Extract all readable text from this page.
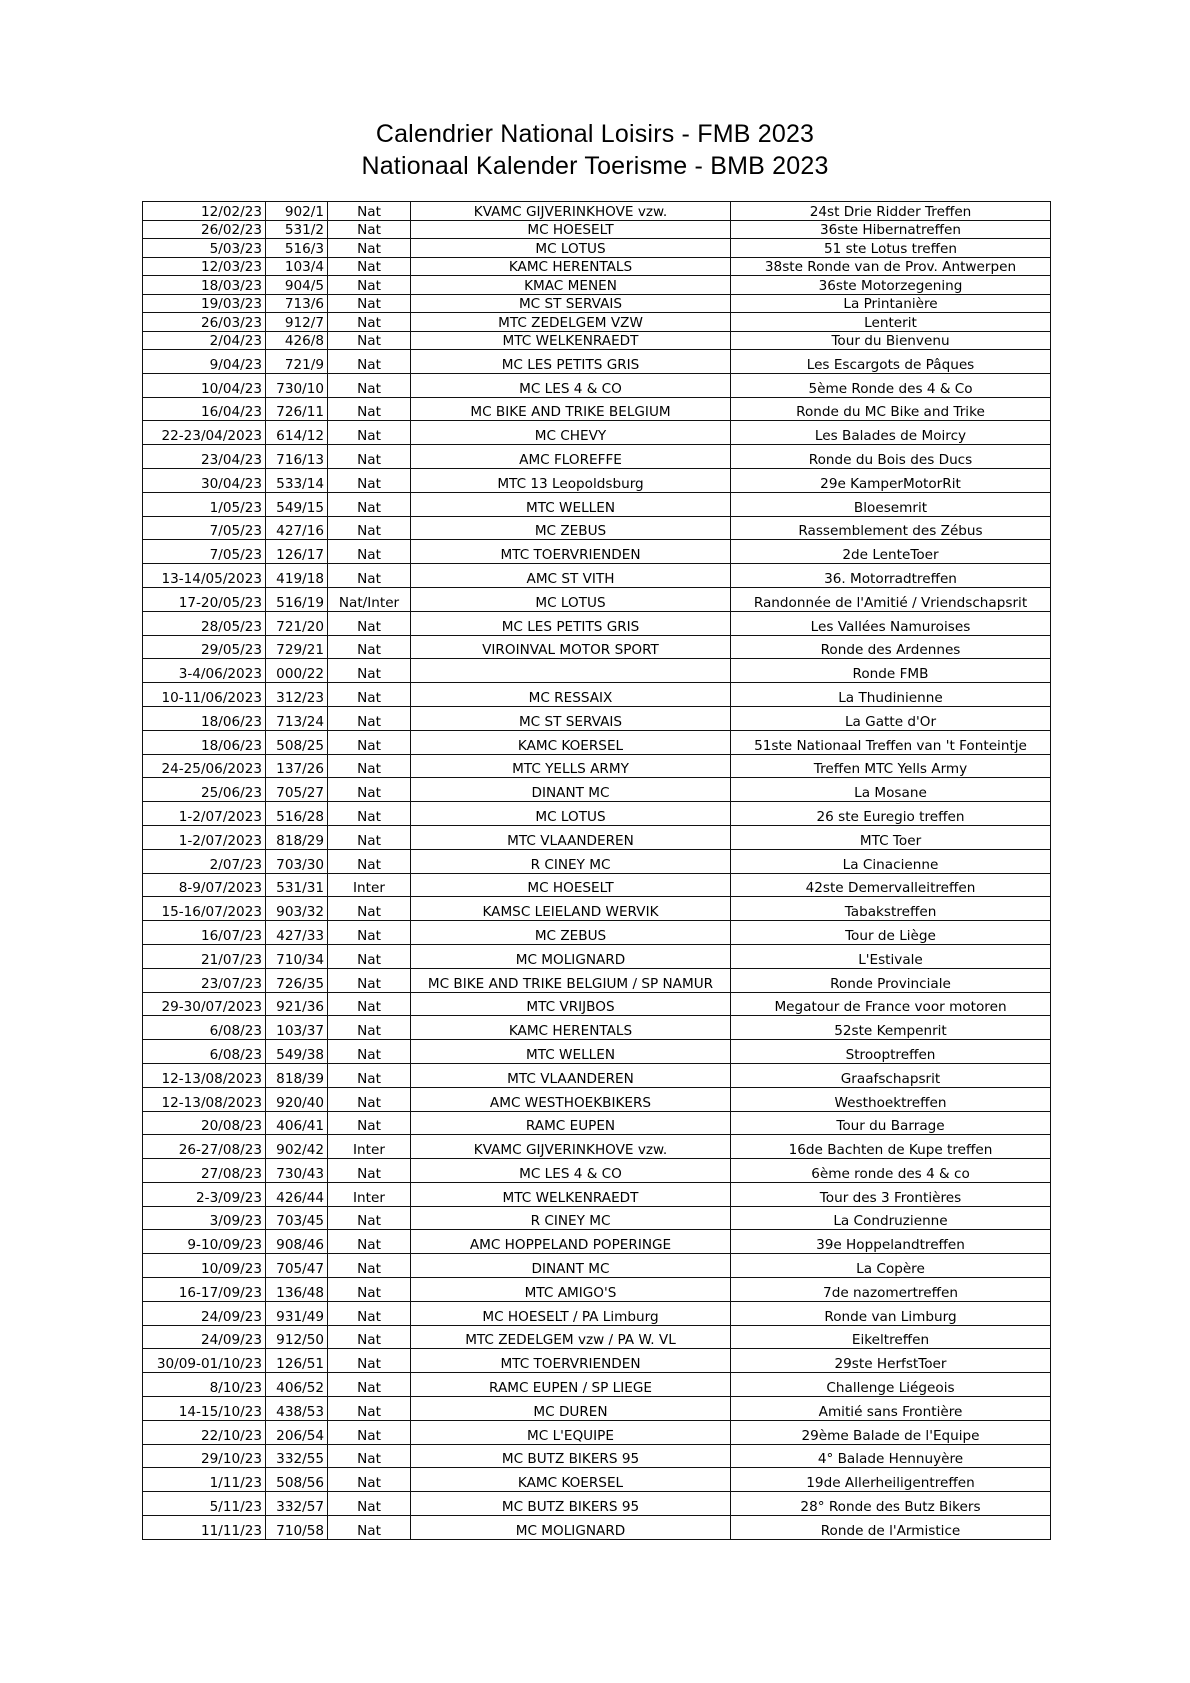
Calendrier National Loisirs - FMB 2023
Nationaal Kalender Toerisme - BMB 2023
12/02/23	902/1	Nat	KVAMC GIJVERINKHOVE vzw.	24st Drie Ridder Treffen
26/02/23	531/2	Nat	MC HOESELT	36ste Hibernatreffen
5/03/23	516/3	Nat	MC LOTUS	51 ste Lotus treffen
12/03/23	103/4	Nat	KAMC HERENTALS	38ste Ronde van de Prov. Antwerpen
18/03/23	904/5	Nat	KMAC MENEN	36ste Motorzegening
19/03/23	713/6	Nat	MC ST SERVAIS	La Printanière
26/03/23	912/7	Nat	MTC ZEDELGEM VZW	Lenterit
2/04/23	426/8	Nat	MTC WELKENRAEDT	Tour du Bienvenu
9/04/23	721/9	Nat	MC LES PETITS GRIS	Les Escargots de Pâques
10/04/23	730/10	Nat	MC LES 4 & CO	5ème Ronde des 4 & Co
16/04/23	726/11	Nat	MC BIKE AND TRIKE BELGIUM	Ronde du MC Bike and Trike
22-23/04/2023	614/12	Nat	MC CHEVY	Les Balades de Moircy
23/04/23	716/13	Nat	AMC FLOREFFE	Ronde du Bois des Ducs
30/04/23	533/14	Nat	MTC 13 Leopoldsburg	29e KamperMotorRit
1/05/23	549/15	Nat	MTC WELLEN	Bloesemrit
7/05/23	427/16	Nat	MC ZEBUS	Rassemblement des Zébus
7/05/23	126/17	Nat	MTC TOERVRIENDEN	2de LenteToer
13-14/05/2023	419/18	Nat	AMC ST VITH	36. Motorradtreffen
17-20/05/23	516/19	Nat/Inter	MC LOTUS	Randonnée de l'Amitié / Vriendschapsrit
28/05/23	721/20	Nat	MC LES PETITS GRIS	Les Vallées Namuroises
29/05/23	729/21	Nat	VIROINVAL MOTOR SPORT	Ronde des Ardennes
3-4/06/2023	000/22	Nat		Ronde FMB
10-11/06/2023	312/23	Nat	MC RESSAIX	La Thudinienne
18/06/23	713/24	Nat	MC ST SERVAIS	La Gatte d'Or
18/06/23	508/25	Nat	KAMC KOERSEL	51ste Nationaal Treffen van 't Fonteintje
24-25/06/2023	137/26	Nat	MTC YELLS ARMY	Treffen MTC Yells Army
25/06/23	705/27	Nat	DINANT MC	La Mosane
1-2/07/2023	516/28	Nat	MC LOTUS	26 ste Euregio treffen
1-2/07/2023	818/29	Nat	MTC VLAANDEREN	MTC Toer
2/07/23	703/30	Nat	R CINEY MC	La Cinacienne
8-9/07/2023	531/31	Inter	MC HOESELT	42ste Demervalleitreffen
15-16/07/2023	903/32	Nat	KAMSC LEIELAND WERVIK	Tabakstreffen
16/07/23	427/33	Nat	MC ZEBUS	Tour de Liège
21/07/23	710/34	Nat	MC MOLIGNARD	L'Estivale
23/07/23	726/35	Nat	MC BIKE AND TRIKE BELGIUM / SP NAMUR	Ronde Provinciale
29-30/07/2023	921/36	Nat	MTC VRIJBOS	Megatour de France voor motoren
6/08/23	103/37	Nat	KAMC HERENTALS	52ste Kempenrit
6/08/23	549/38	Nat	MTC WELLEN	Strooptreffen
12-13/08/2023	818/39	Nat	MTC VLAANDEREN	Graafschapsrit
12-13/08/2023	920/40	Nat	AMC WESTHOEKBIKERS	Westhoektreffen
20/08/23	406/41	Nat	RAMC EUPEN	Tour du Barrage
26-27/08/23	902/42	Inter	KVAMC GIJVERINKHOVE vzw.	16de Bachten de Kupe treffen
27/08/23	730/43	Nat	MC LES 4 & CO	6ème ronde des 4 & co
2-3/09/23	426/44	Inter	MTC WELKENRAEDT	Tour des 3 Frontières
3/09/23	703/45	Nat	R CINEY MC	La Condruzienne
9-10/09/23	908/46	Nat	AMC HOPPELAND POPERINGE	39e Hoppelandtreffen
10/09/23	705/47	Nat	DINANT MC	La Copère
16-17/09/23	136/48	Nat	MTC AMIGO'S	7de nazomertreffen
24/09/23	931/49	Nat	MC HOESELT / PA Limburg	Ronde van Limburg
24/09/23	912/50	Nat	MTC ZEDELGEM vzw / PA W. VL	Eikeltreffen
30/09-01/10/23	126/51	Nat	MTC TOERVRIENDEN	29ste HerfstToer
8/10/23	406/52	Nat	RAMC EUPEN / SP LIEGE	Challenge Liégeois
14-15/10/23	438/53	Nat	MC DUREN	Amitié sans Frontière
22/10/23	206/54	Nat	MC L'EQUIPE	29ème Balade de l'Equipe
29/10/23	332/55	Nat	MC BUTZ BIKERS 95	4° Balade Hennuyère
1/11/23	508/56	Nat	KAMC KOERSEL	19de Allerheiligentreffen
5/11/23	332/57	Nat	MC BUTZ BIKERS 95	28° Ronde des Butz Bikers
11/11/23	710/58	Nat	MC MOLIGNARD	Ronde de l'Armistice
